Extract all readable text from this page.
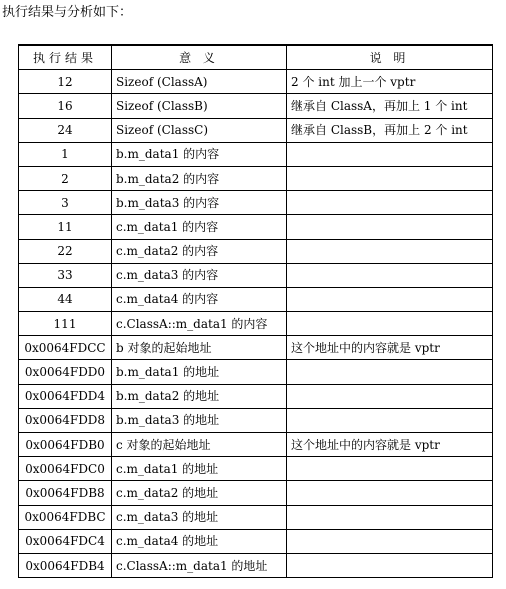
执行结果与分析如下：
执行结果	意 义	说 明
12	Sizeof (ClassA)	2 个 int 加上一个 vptr
16	Sizeof (ClassB)	继承自 ClassA，再加上 1 个 int
24	Sizeof (ClassC)	继承自 ClassB，再加上 2 个 int
1	b.m_data1 的内容	
2	b.m_data2 的内容	
3	b.m_data3 的内容	
11	c.m_data1 的内容	
22	c.m_data2 的内容	
33	c.m_data3 的内容	
44	c.m_data4 的内容	
111	c.ClassA::m_data1 的内容	
0x0064FDCC	b 对象的起始地址	这个地址中的内容就是 vptr
0x0064FDD0	b.m_data1 的地址	
0x0064FDD4	b.m_data2 的地址	
0x0064FDD8	b.m_data3 的地址	
0x0064FDB0	c 对象的起始地址	这个地址中的内容就是 vptr
0x0064FDC0	c.m_data1 的地址	
0x0064FDB8	c.m_data2 的地址	
0x0064FDBC	c.m_data3 的地址	
0x0064FDC4	c.m_data4 的地址	
0x0064FDB4	c.ClassA::m_data1 的地址	
